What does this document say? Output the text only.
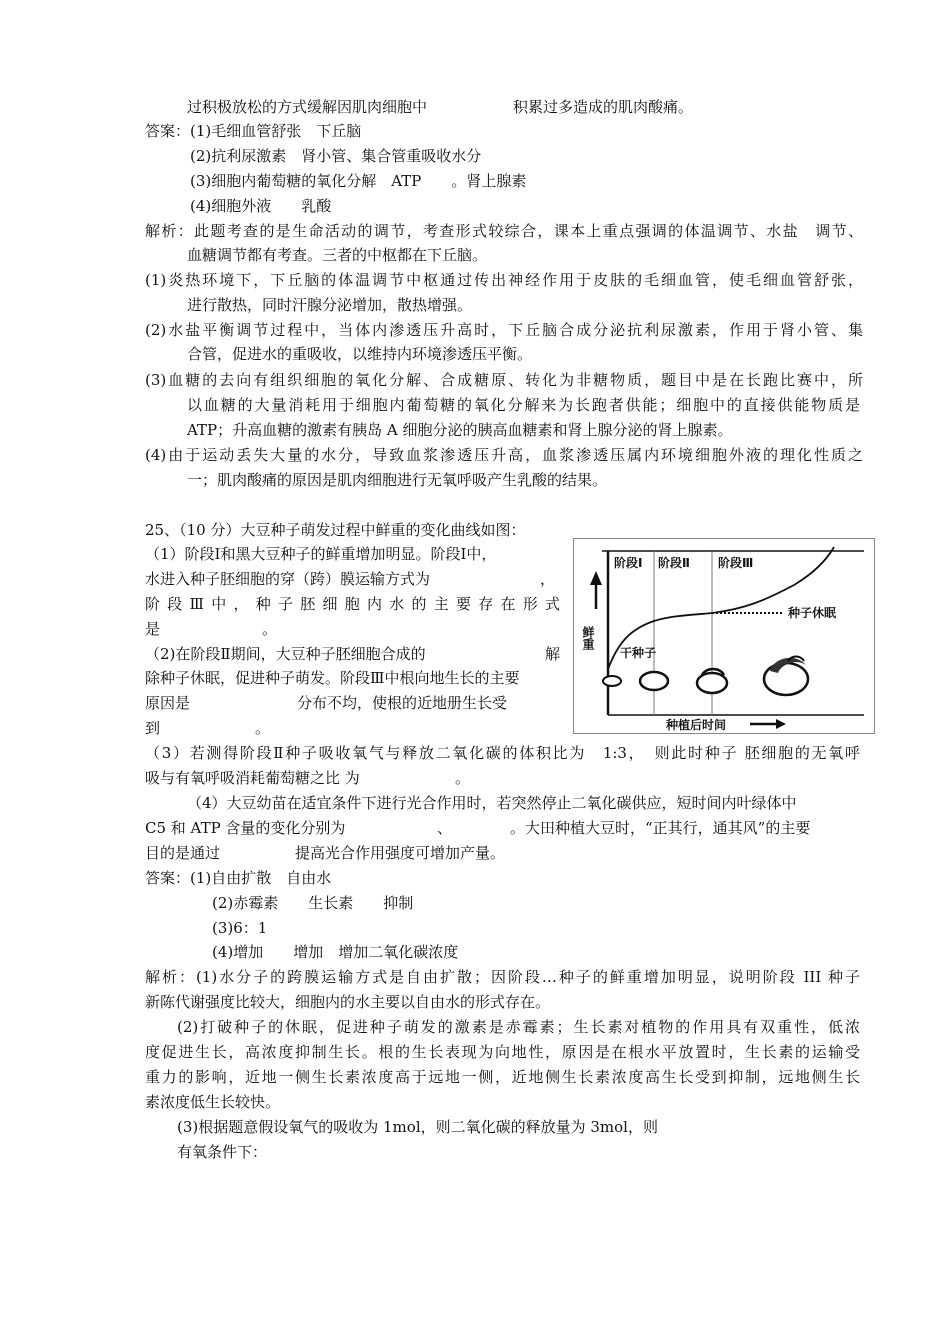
过积极放松的方式缓解因肌肉细胞中	积累过多造成的肌肉酸痛。
答案： (1)毛细血管舒张　下丘脑
(2)抗利尿激素　肾小管、集合管重吸收水分
(3)细胞内葡萄糖的氧化分解　ATP　　。肾上腺素
(4)细胞外液　　乳酸
解析：此题考查的是生命活动的调节，考查形式较综合，课本上重点强调的体温调节、水盐　调节、
血糖调节都有考查。三者的中枢都在下丘脑。
(1)炎热环境下，下丘脑的体温调节中枢通过传出神经作用于皮肤的毛细血管，使毛细血管舒张，
进行散热，同时汗腺分泌增加，散热增强。
(2)水盐平衡调节过程中，当体内渗透压升高时，下丘脑合成分泌抗利尿激素，作用于肾小管、集
合管，促进水的重吸收，以维持内环境渗透压平衡。
(3)血糖的去向有组织细胞的氧化分解、合成糖原、转化为非糖物质，题目中是在长跑比赛中，所
以血糖的大量消耗用于细胞内葡萄糖的氧化分解来为长跑者供能；细胞中的直接供能物质是
ATP；升高血糖的激素有胰岛 A 细胞分泌的胰高血糖素和肾上腺分泌的肾上腺素。
(4)由于运动丢失大量的水分，导致血浆渗透压升高，血浆渗透压属内环境细胞外液的理化性质之
一；肌肉酸痛的原因是肌肉细胞进行无氧呼吸产生乳酸的结果。
25、（10 分）大豆种子萌发过程中鲜重的变化曲线如图：
（1）阶段Ⅰ和黑大豆种子的鲜重增加明显。阶段Ⅰ中，
水进入种子胚细胞的穿（跨）膜运输方式为	，
阶段Ⅲ中，种子胚细胞内水的主要存在形式
是	。
（2)在阶段Ⅱ期间，大豆种子胚细胞合成的	解
除种子休眠，促进种子萌发。阶段Ⅲ中根向地生长的主要
原因是	分布不均，使根的近地册生长受
到	。
鲜重
阶段Ⅰ 阶段Ⅱ 阶段Ⅲ
种子休眠
干种子
种植后时间
（3）若测得阶段Ⅱ种子吸收氧气与释放二氧化碳的体积比为　1:3，　则此时种子 胚细胞的无氧呼
吸与有氧呼吸消耗葡萄糖之比 为	。
（4）大豆幼苗在适宜条件下进行光合作用时，若突然停止二氧化碳供应，短时间内叶绿体中
C5 和 ATP 含量的变化分别为	、	。大田种植大豆时，“正其行，通其风”的主要
目的是通过	提高光合作用强度可增加产量。
答案： (1)自由扩散　自由水
(2)赤霉素　　生长素　　抑制
(3)6：1
(4)增加　　增加　增加二氧化碳浓度
解析：(1)水分子的跨膜运输方式是自由扩散；因阶段…种子的鲜重增加明显，说明阶段 III 种子
新陈代谢强度比较大，细胞内的水主要以自由水的形式存在。
(2)打破种子的休眠，促进种子萌发的激素是赤霉素；生长素对植物的作用具有双重性，低浓
度促进生长，高浓度抑制生长。根的生长表现为向地性，原因是在根水平放置时，生长素的运输受
重力的影响，近地一侧生长素浓度高于远地一侧，近地侧生长素浓度高生长受到抑制，远地侧生长
素浓度低生长较快。
(3)根据题意假设氧气的吸收为 1mol，则二氧化碳的释放量为 3mol，则
有氧条件下：
